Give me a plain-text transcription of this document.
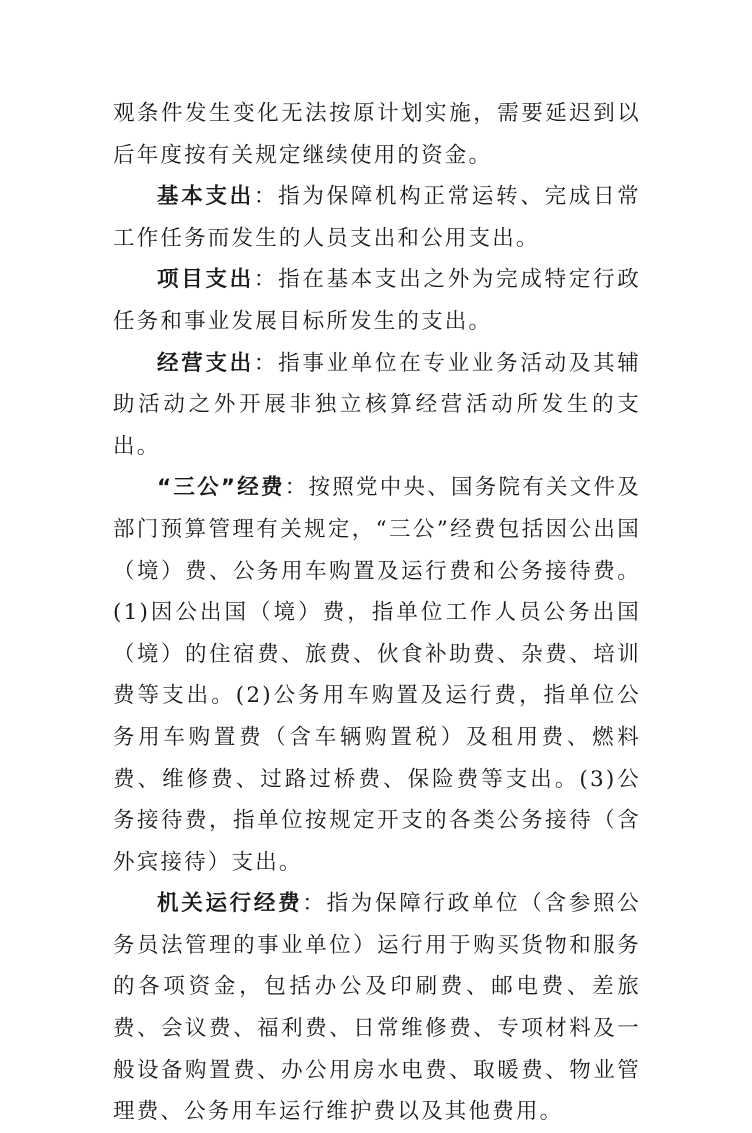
观条件发生变化无法按原计划实施，需要延迟到以后年度按有关规定继续使用的资金。

基本支出：指为保障机构正常运转、完成日常工作任务而发生的人员支出和公用支出。

项目支出：指在基本支出之外为完成特定行政任务和事业发展目标所发生的支出。

经营支出：指事业单位在专业业务活动及其辅助活动之外开展非独立核算经营活动所发生的支出。

“三公”经费：按照党中央、国务院有关文件及部门预算管理有关规定，“三公”经费包括因公出国（境）费、公务用车购置及运行费和公务接待费。(1)因公出国（境）费，指单位工作人员公务出国（境）的住宿费、旅费、伙食补助费、杂费、培训费等支出。(2)公务用车购置及运行费，指单位公务用车购置费（含车辆购置税）及租用费、燃料费、维修费、过路过桥费、保险费等支出。(3)公务接待费，指单位按规定开支的各类公务接待（含外宾接待）支出。

机关运行经费：指为保障行政单位（含参照公务员法管理的事业单位）运行用于购买货物和服务的各项资金，包括办公及印刷费、邮电费、差旅费、会议费、福利费、日常维修费、专项材料及一般设备购置费、办公用房水电费、取暖费、物业管理费、公务用车运行维护费以及其他费用。
